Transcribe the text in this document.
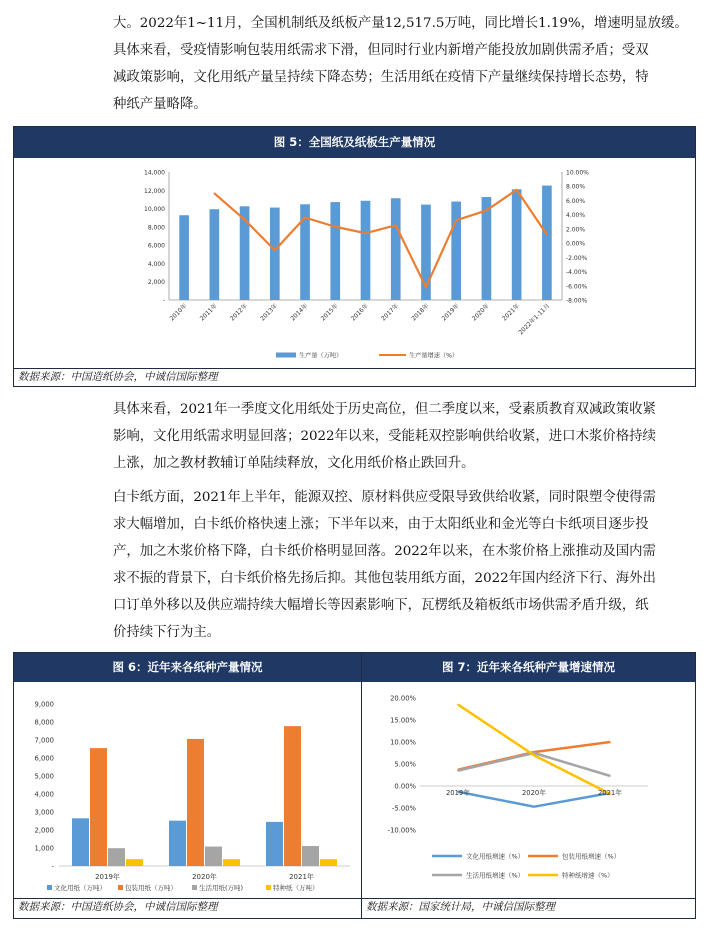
大。2022年1~11月，全国机制纸及纸板产量12,517.5万吨，同比增长1.19%，增速明显放缓。
具体来看，受疫情影响包装用纸需求下滑，但同时行业内新增产能投放加剧供需矛盾；受双
减政策影响，文化用纸产量呈持续下降态势；生活用纸在疫情下产量继续保持增长态势，特
种纸产量略降。
图 5：全国纸及纸板生产量情况
-
2,000
4,000
6,000
8,000
10,000
12,000
14,000
-8.00%
-6.00%
-4.00%
-2.00%
0.00%
2.00%
4.00%
6.00%
8.00%
10.00%
2010年 2011年 2012年 2013年 2014年 2015年 2016年 2017年 2018年 2019年 2020年 2021年
2022年1-11月
生产量（万吨）	生产量增速（%）
数据来源：中国造纸协会，中诚信国际整理
具体来看，2021年一季度文化用纸处于历史高位，但二季度以来，受素质教育双减政策收紧
影响，文化用纸需求明显回落；2022年以来，受能耗双控影响供给收紧，进口木浆价格持续
上涨，加之教材教辅订单陆续释放，文化用纸价格止跌回升。
白卡纸方面，2021年上半年，能源双控、原材料供应受限导致供给收紧，同时限塑令使得需
求大幅增加，白卡纸价格快速上涨；下半年以来，由于太阳纸业和金光等白卡纸项目逐步投
产，加之木浆价格下降，白卡纸价格明显回落。2022年以来，在木浆价格上涨推动及国内需
求不振的背景下，白卡纸价格先扬后抑。其他包装用纸方面，2022年国内经济下行、海外出
口订单外移以及供应端持续大幅增长等因素影响下，瓦楞纸及箱板纸市场供需矛盾升级，纸
价持续下行为主。
图 6：近年来各纸种产量情况
-
1,000
2,000
3,000
4,000
5,000
6,000
7,000
8,000
9,000
2019年	2020年	2021年
文化用纸（万吨）	包装用纸（万吨）	生活用纸(万吨)	特种纸（万吨）
数据来源：中国造纸协会，中诚信国际整理
图 7：近年来各纸种产量增速情况
-10.00%
-5.00%
0.00%
5.00%
10.00%
15.00%
20.00%
2019年	2020年	2021年
文化用纸增速（%）	包装用纸增速（%）
生活用纸增速（%）	特种纸增速（%）
数据来源：国家统计局，中诚信国际整理
